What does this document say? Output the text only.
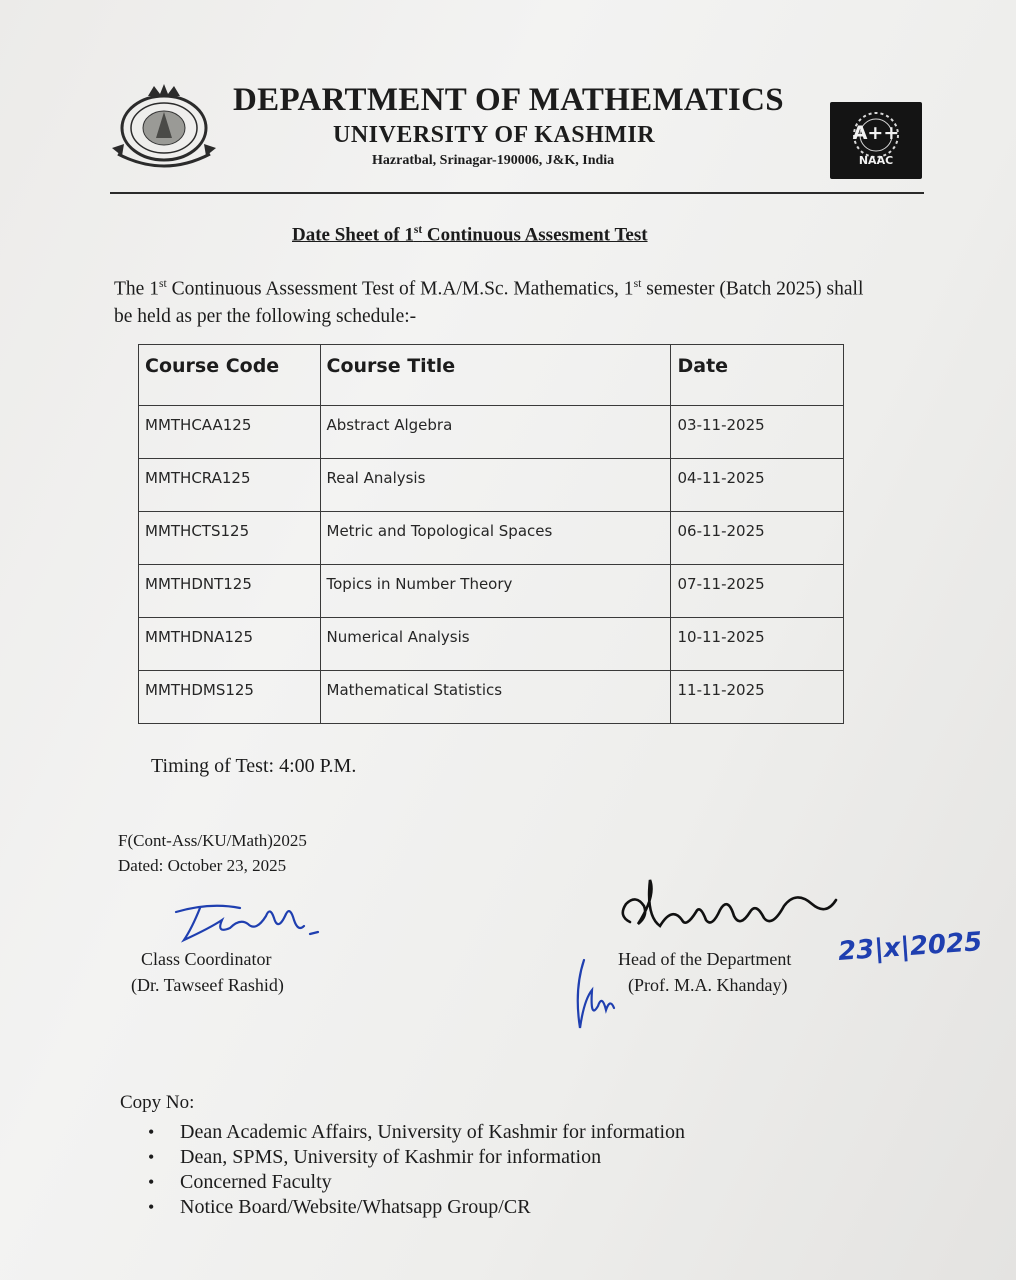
DEPARTMENT OF MATHEMATICS
UNIVERSITY OF KASHMIR
Hazratbal, Srinagar-190006, J&K, India
A++
NAAC
Date Sheet of 1st Continuous Assesment Test
The 1st Continuous Assessment Test of M.A/M.Sc. Mathematics, 1st semester (Batch 2025) shall be held as per the following schedule:-
Course Code	Course Title	Date

MMTHCAA125	Abstract Algebra	03-11-2025

MMTHCRA125	Real Analysis	04-11-2025

MMTHCTS125	Metric and Topological Spaces	06-11-2025

MMTHDNT125	Topics in Number Theory	07-11-2025

MMTHDNA125	Numerical Analysis	10-11-2025

MMTHDMS125	Mathematical Statistics	11-11-2025
Timing of Test: 4:00 P.M.
F(Cont-Ass/KU/Math)2025
Dated: October 23, 2025
Class Coordinator
(Dr. Tawseef Rashid)
Head of the Department
(Prof. M.A. Khanday)
23|x|2025
Copy No:
• Dean Academic Affairs, University of Kashmir for information
• Dean, SPMS, University of Kashmir for information
• Concerned Faculty
• Notice Board/Website/Whatsapp Group/CR
